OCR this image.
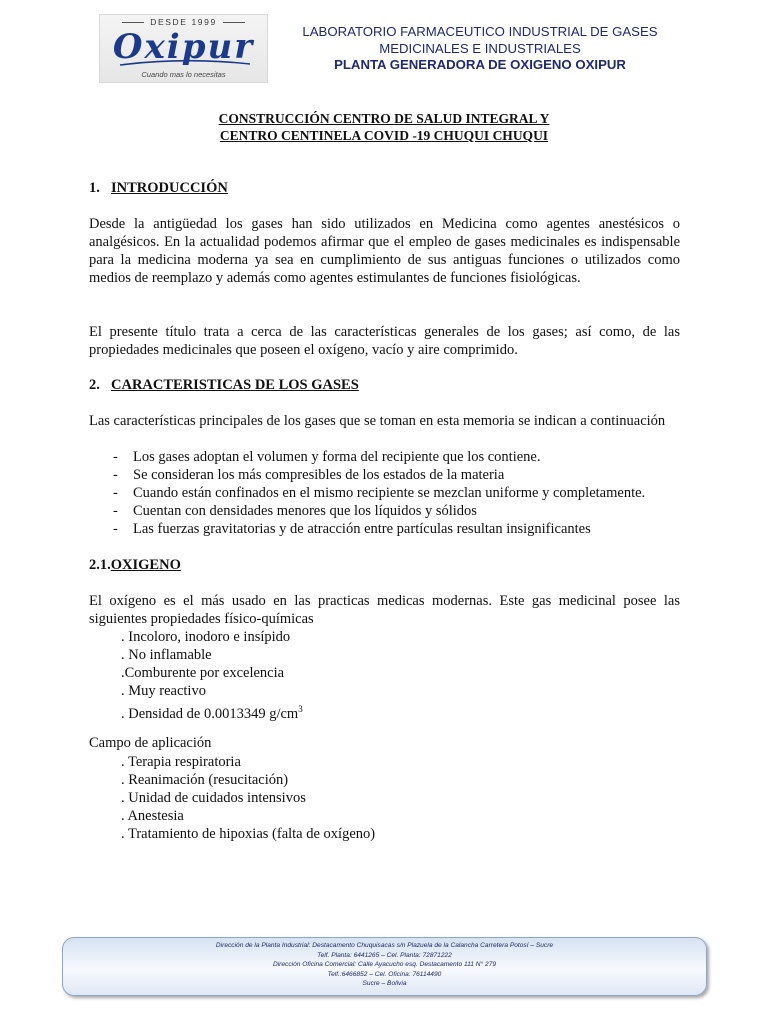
DESDE 1999
Oxipur
Cuando mas lo necesitas
LABORATORIO FARMACEUTICO INDUSTRIAL DE GASES
MEDICINALES E INDUSTRIALES
PLANTA GENERADORA DE OXIGENO OXIPUR
CONSTRUCCIÓN CENTRO DE SALUD INTEGRAL Y
CENTRO CENTINELA COVID -19 CHUQUI CHUQUI
1. INTRODUCCIÓN
Desde la antigüedad los gases han sido utilizados en Medicina como agentes anestésicos o analgésicos. En la actualidad podemos afirmar que el empleo de gases medicinales es indispensable para la medicina moderna ya sea en cumplimiento de sus antiguas funciones o utilizados como medios de reemplazo y además como agentes estimulantes de funciones fisiológicas.
El presente título trata a cerca de las características generales de los gases; así como, de las propiedades medicinales que poseen el oxígeno, vacío y aire comprimido.
2. CARACTERISTICAS DE LOS GASES
Las características principales de los gases que se toman en esta memoria se indican a continuación
- Los gases adoptan el volumen y forma del recipiente que los contiene.
- Se consideran los más compresibles de los estados de la materia
- Cuando están confinados en el mismo recipiente se mezclan uniforme y completamente.
- Cuentan con densidades menores que los líquidos y sólidos
- Las fuerzas gravitatorias y de atracción entre partículas resultan insignificantes
2.1.OXIGENO
El oxígeno es el más usado en las practicas medicas modernas. Este gas medicinal posee las siguientes propiedades físico-químicas
. Incoloro, inodoro e insípido
. No inflamable
.Comburente por excelencia
. Muy reactivo
. Densidad de 0.0013349 $g/cm^3$
Campo de aplicación
. Terapia respiratoria
. Reanimación (resucitación)
. Unidad de cuidados intensivos
. Anestesia
. Tratamiento de hipoxias (falta de oxígeno)
Dirección de la Planta Industrial: Destacamento Chuquisacas s/n Plazuela de la Calancha Carretera Potosí – Sucre
Telf. Planta: 6441265 – Cel. Planta: 72871222
Dirección Oficina Comercial: Calle Ayacucho esq. Destacamento 111 N° 279
Telf.:6466852 – Cel. Oficina: 76114490
Sucre – Bolivia
